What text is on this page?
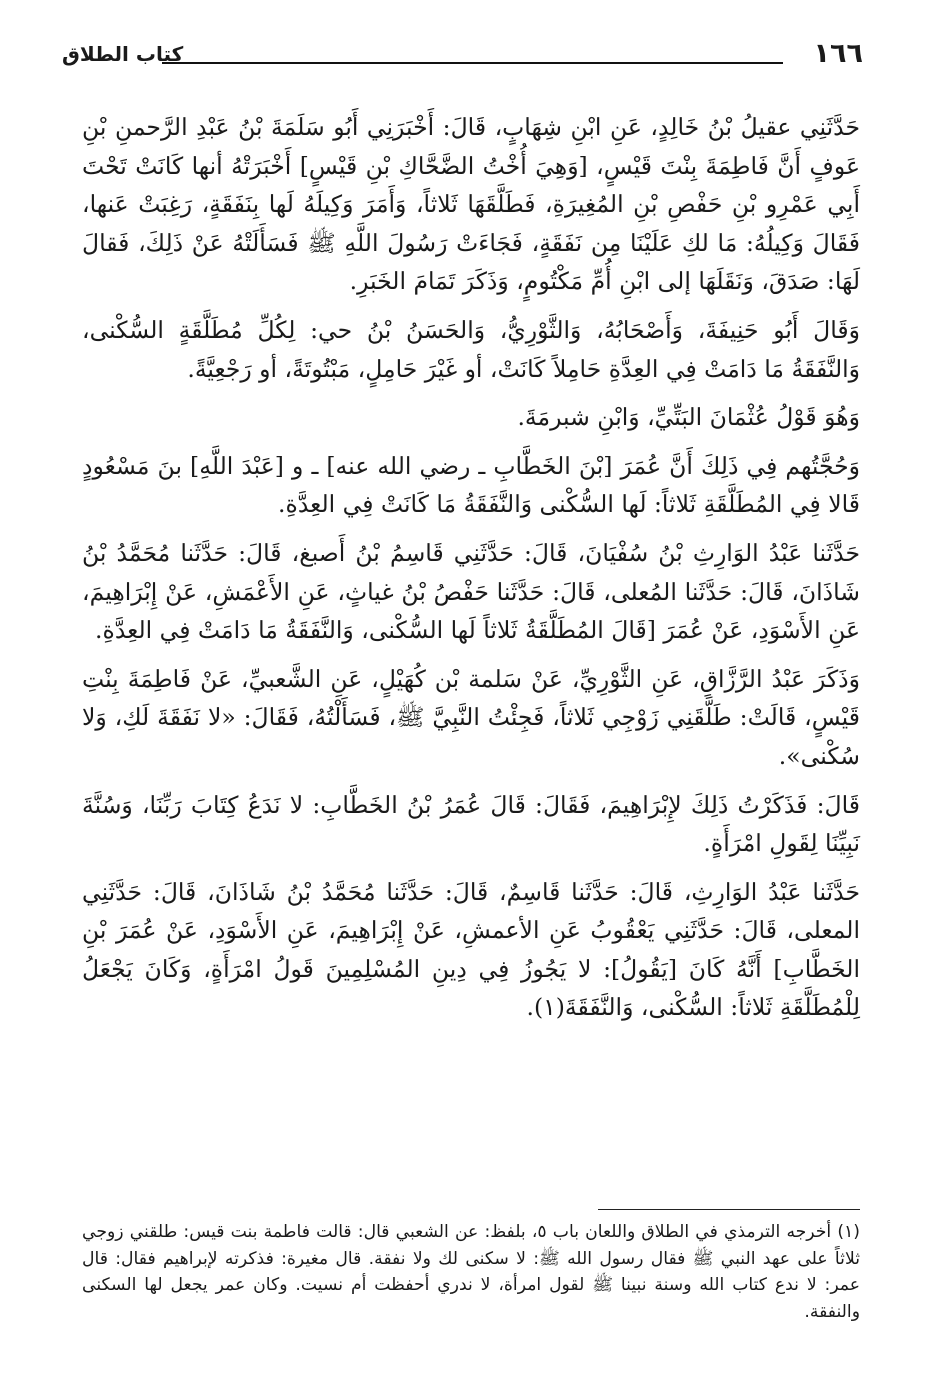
١٦٦
كتاب الطلاق

حَدَّثَنِي عقيلُ بْنُ خَالِدٍ، عَنِ ابْنِ شِهَابٍ، قَالَ: أَخْبَرَنِي أَبُو سَلَمَةَ بْنُ عَبْدِ الرَّحمنِ بْنِ عَوفٍ أَنَّ فَاطِمَةَ بِنْتَ قَيْسٍ، [وَهِيَ أُخْتُ الضَّحَّاكِ بْنِ قَيْسٍ] أَخْبَرَتْهُ أنها كَانَتْ تَحْتَ أَبِي عَمْرِو بْنِ حَفْصِ بْنِ المُغِيرَةِ، فَطَلَّقَهَا ثَلاثاً، وَأَمَرَ وَكِيلَهُ لَها بِنَفَقَةٍ، رَغِبَتْ عَنها، فَقَالَ وَكِيلُهُ: مَا لكِ عَلَيْنَا مِن نَفَقَةٍ، فَجَاءَتْ رَسُولَ اللَّهِ ﷺ فَسَأَلَتْهُ عَنْ ذَلِكَ، فَقالَ لَهَا: صَدَقَ، وَنَقَلَهَا إلى ابْنِ أُمِّ مَكْتُومٍ، وَذَكَرَ تَمَامَ الخَبَرِ.

وَقَالَ أَبُو حَنِيفَةَ، وَأَصْحَابُهُ، وَالثَّوْرِيُّ، وَالحَسَنُ بْنُ حي: لِكُلِّ مُطَلَّقَةٍ السُّكْنى، وَالنَّفَقَةُ مَا دَامَتْ فِي العِدَّةِ حَامِلاً كَانَتْ، أو غَيْرَ حَامِلٍ، مَبْتُوتَةً، أو رَجْعِيَّةً.

وَهُوَ قَوْلُ عُثْمَانَ البَتِّيِّ، وَابْنِ شبرمَةَ.

وَحُجَّتُهم فِي ذَلِكَ أَنَّ عُمَرَ [بْنَ الخَطَّابِ ـ رضي الله عنه] ـ و [عَبْدَ اللَّهِ] بنَ مَسْعُودٍ قَالا فِي المُطَلَّقَةِ ثَلاثاً: لَها السُّكْنى وَالنَّفَقَةُ مَا كَانَتْ فِي العِدَّةِ.

حَدَّثَنا عَبْدُ الوَارِثِ بْنُ سُفْيَانَ، قَالَ: حَدَّثَنِي قَاسِمُ بْنُ أَصبغ، قَالَ: حَدَّثَنا مُحَمَّدُ بْنُ شَاذَانَ، قَالَ: حَدَّثَنا المُعلى، قَالَ: حَدَّثَنا حَفْصُ بْنُ غياثٍ، عَنِ الأَعْمَشِ، عَنْ إِبْرَاهِيمَ، عَنِ الأَسْوَدِ، عَنْ عُمَرَ [قَالَ المُطَلَّقَةُ ثَلاثاً لَها السُّكْنى، وَالنَّفَقَةُ مَا دَامَتْ فِي العِدَّةِ.

وَذَكَرَ عَبْدُ الرَّزَّاقِ، عَنِ الثَّوْرِيِّ، عَنْ سَلمة بْن كُهَيْلٍ، عَنِ الشَّعبيِّ، عَنْ فَاطِمَةَ بِنْتِ قَيْسٍ، قَالَتْ: طَلَّقَنِي زَوْجِي ثَلاثاً، فَجِئْتُ النَّبِيَّ ﷺ، فَسَأَلْتُهُ، فَقَالَ: «لا نَفَقَةَ لَكِ، وَلا سُكْنى».

قَالَ: فَذَكَرْتُ ذَلِكَ لإِبْرَاهِيمَ، فَقَالَ: قَالَ عُمَرُ بْنُ الخَطَّابِ: لا نَدَعُ كِتَابَ رَبِّنَا، وَسُنَّةَ نَبِيِّنَا لِقَولِ امْرَأَةٍ.

حَدَّثَنا عَبْدُ الوَارِثِ، قَالَ: حَدَّثَنا قَاسِمٌ، قَالَ: حَدَّثَنا مُحَمَّدُ بْنُ شَاذَانَ، قَالَ: حَدَّثَنِي المعلى، قَالَ: حَدَّثَنِي يَعْقُوبُ عَنِ الأعمشِ، عَنْ إِبْرَاهِيمَ، عَنِ الأَسْوَدِ، عَنْ عُمَرَ بْنِ الخَطَّابِ] أَنَّهُ كَانَ [يَقُولُ]: لا يَجُوزُ فِي دِينِ المُسْلِمِينَ قَولُ امْرَأَةٍ، وَكَانَ يَجْعَلُ لِلْمُطَلَّقَةِ ثَلاثاً: السُّكْنى، وَالنَّفَقَةَ(١).

(١) أخرجه الترمذي في الطلاق واللعان باب ٥، بلفظ: عن الشعبي قال: قالت فاطمة بنت قيس: طلقني زوجي ثلاثاً على عهد النبي ﷺ فقال رسول الله ﷺ: لا سكنى لك ولا نفقة. قال مغيرة: فذكرته لإبراهيم فقال: قال عمر: لا ندع كتاب الله وسنة نبينا ﷺ لقول امرأة، لا ندري أحفظت أم نسيت. وكان عمر يجعل لها السكنى والنفقة.
